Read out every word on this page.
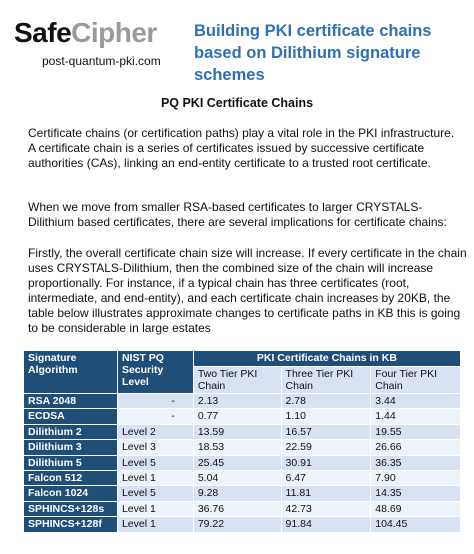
SafeCipher
post-quantum-pki.com
Building PKI certificate chains based on Dilithium signature schemes
PQ PKI Certificate Chains
Certificate chains (or certification paths) play a vital role in the PKI infrastructure.
A certificate chain is a series of certificates issued by successive certificate authorities (CAs), linking an end-entity certificate to a trusted root certificate.
When we move from smaller RSA-based certificates to larger CRYSTALS-Dilithium based certificates, there are several implications for certificate chains:
Firstly, the overall certificate chain size will increase. If every certificate in the chain uses CRYSTALS-Dilithium, then the combined size of the chain will increase proportionally. For instance, if a typical chain has three certificates (root, intermediate, and end-entity), and each certificate chain increases by 20KB, the table below illustrates approximate changes to certificate paths in KB this is going to be considerable in large estates
Signature Algorithm	NIST PQ Security Level	PKI Certificate Chains in KB		
		Two Tier PKI Chain	Three Tier PKI Chain	Four Tier PKI Chain
RSA 2048	-	2.13	2.78	3.44
ECDSA	-	0.77	1.10	1.44
Dilithium 2	Level 2	13.59	16.57	19.55
Dilithium 3	Level 3	18.53	22.59	26.66
Dilithium 5	Level 5	25.45	30.91	36.35
Falcon 512	Level 1	5.04	6.47	7.90
Falcon 1024	Level 5	9.28	11.81	14.35
SPHINCS+128s	Level 1	36.76	42.73	48.69
SPHINCS+128f	Level 1	79.22	91.84	104.45
